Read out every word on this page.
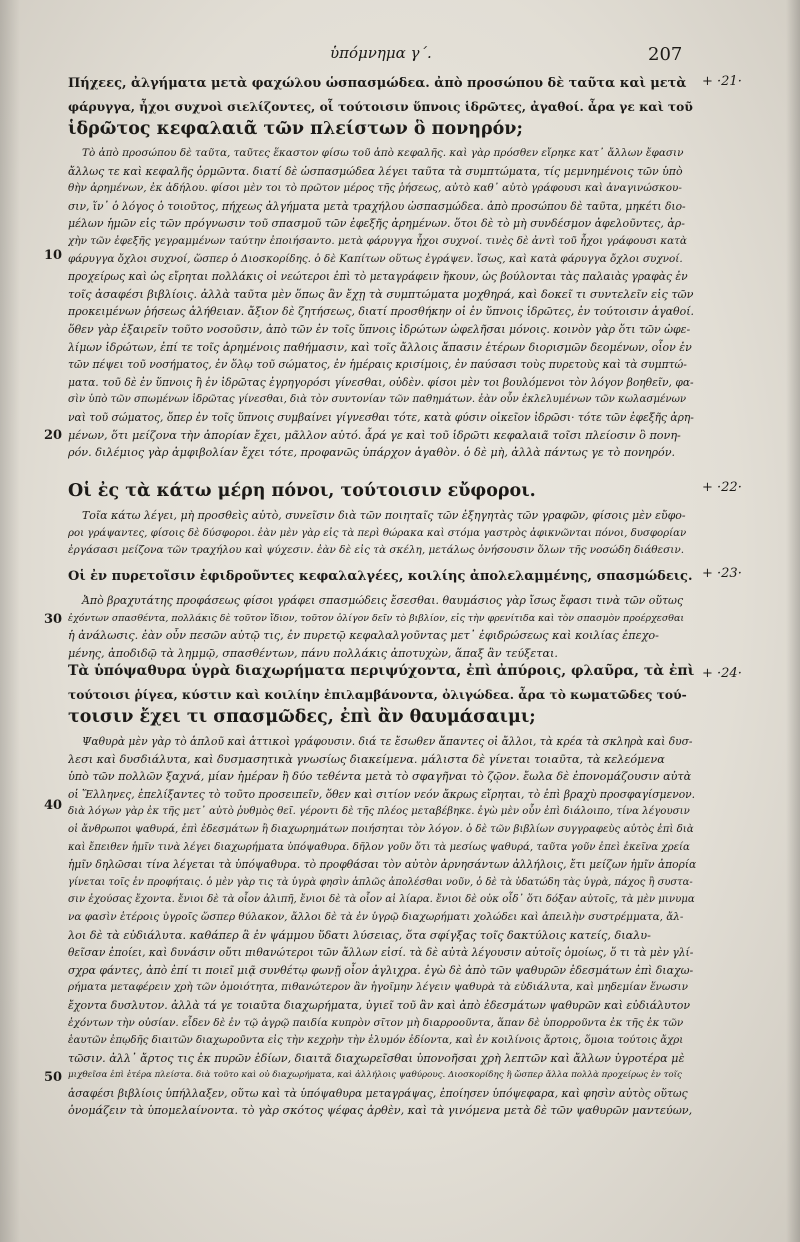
ὑπόμνημα γ΄.	207
+ ·21·
+ ·22·
+ ·23·
+ ·24·
10
20
30
40
50
Πήχεες, ἀλγήματα μετὰ φαχώλου ὡσπασμώδεα. ἀπὸ προσώπου δὲ ταῦτα καὶ μετὰ
φάρυγγα, ἦχοι συχνοὶ σιελίζοντες, οἷ τούτοισιν ὕπνοις ἱδρῶτες, ἀγαθοί. ἆρα γε καὶ τοῦ
ἱδρῶτος κεφαλαιᾶ τῶν πλείστων ὃ πονηρόν;
Τὸ ἀπὸ προσώπου δὲ ταῦτα, ταῦτες ἕκαστον φίσω τοῦ ἀπὸ κεφαλῆς. καὶ γὰρ πρόσθεν εἴρηκε κατ᾿ ἄλλων ἔφασιν
ἄλλως τε καὶ κεφαλῆς ὁρμῶντα. διατί δὲ ὡσπασμώδεα λέγει ταῦτα τὰ συμπτώματα, τίς μεμνημένοις τῶν ὑπὸ
θὴν ἀρημένων, ἐκ ἀδήλου. φίσοι μὲν τοι τὸ πρῶτον μέρος τῆς ῥήσεως, αὐτὸ καθ᾿ αὐτὸ γράφουσι καὶ ἀναγινώσκου-
σιν, ἵν᾿ ὁ λόγος ὁ τοιοῦτος, πήχεως ἀλγήματα μετὰ τραχήλου ὡσπασμώδεα. ἀπὸ προσώπου δὲ ταῦτα, μηκέτι διο-
μέλων ἡμῶν εἰς τῶν πρόγνωσιν τοῦ σπασμοῦ τῶν ἐφεξῆς ἀρημένων. ὅτοι δὲ τὸ μὴ συνδέσμον ἀφελοῦντες, ἀρ-
χὴν τῶν ἐφεξῆς γεγραμμένων ταύτην ἐποιήσαντο. μετὰ φάρυγγα ἦχοι συχνοί. τινὲς δὲ ἀντὶ τοῦ ἦχοι γράφουσι κατὰ
φάρυγγα ὄχλοι συχνοί, ὥσπερ ὁ Διοσκορίδης. ὁ δὲ Καπίτων οὕτως ἐγράψεν. ἴσως, καὶ κατὰ φάρυγγα ὄχλοι συχνοί.
προχείρως καὶ ὡς εἴρηται πολλάκις οἱ νεώτεροι ἐπὶ τὸ μεταγράφειν ἥκουν, ὡς βούλονται τὰς παλαιὰς γραφὰς ἐν
τοῖς ἀσαφέσι βιβλίοις. ἀλλὰ ταῦτα μὲν ὅπως ἂν ἔχῃ τὰ συμπτώματα μοχθηρά, καὶ δοκεῖ τι συντελεῖν εἰς τῶν
προκειμένων ῥήσεως ἀλήθειαν. ἄξιον δὲ ζητήσεως, διατί προσθήκην οἱ ἐν ὕπνοις ἱδρῶτες, ἐν τούτοισιν ἀγαθοί.
ὅθεν γὰρ ἐξαιρεῖν τοῦτο νοσοῦσιν, ἀπὸ τῶν ἐν τοῖς ὕπνοις ἱδρώτων ὠφελῆσαι μόνοις. κοινὸν γὰρ ὅτι τῶν ὠφε-
λίμων ἱδρώτων, ἐπί τε τοῖς ἀρημένοις παθήμασιν, καὶ τοῖς ἄλλοις ἅπασιν ἑτέρων διορισμῶν δεομένων, οἷον ἐν
τῶν πέψει τοῦ νοσήματος, ἐν ὅλῳ τοῦ σώματος, ἐν ἡμέραις κρισίμοις, ἐν παύσασι τοὺς πυρετοὺς καὶ τὰ συμπτώ-
ματα. τοῦ δὲ ἐν ὕπνοις ἢ ἐν ἱδρῶτας ἐγρηγορόσι γίνεσθαι, οὐδὲν. φίσοι μὲν τοι βουλόμενοι τὸν λόγον βοηθεῖν, φα-
σὶν ὑπὸ τῶν σπωμένων ἱδρῶτας γίνεσθαι, διὰ τὸν συντονίαν τῶν παθημάτων. ἐὰν οὖν ἐκλελυμένων τῶν κωλασμένων
ναὶ τοῦ σώματος, ὅπερ ἐν τοῖς ὕπνοις συμβαίνει γίγνεσθαι τότε, κατὰ φύσιν οἰκεῖον ἱδρῶσι· τότε τῶν ἐφεξῆς ἀρη-
μένων, ὅτι μείζονα τὴν ἀπορίαν ἔχει, μᾶλλον αὐτό. ἆρά γε καὶ τοῦ ἱδρῶτι κεφαλαιᾶ τοῖσι πλείοσιν ὃ πονη-
ρόν. διλέμιος γὰρ ἀμφιβολίαν ἔχει τότε, προφανῶς ὑπάρχον ἀγαθὸν. ὁ δὲ μὴ, ἀλλὰ πάντως γε τὸ πονηρόν.
Οἱ ἐς τὰ κάτω μέρη πόνοι, τούτοισιν εὔφοροι.
Τοῖα κάτω λέγει, μὴ προσθεὶς αὐτὸ, συνεῖσιν διὰ τῶν ποιηταῖς τῶν ἐξηγητὰς τῶν γραφῶν, φίσοις μὲν εὔφο-
ροι γράψαντες, φίσοις δὲ δύσφοροι. ἐὰν μὲν γὰρ εἰς τὰ περὶ θώρακα καὶ στόμα γαστρὸς ἀφικνῶνται πόνοι, δυσφορίαν
ἐργάσασι μείζονα τῶν τραχήλου καὶ ψύχεσιν. ἐὰν δὲ εἰς τὰ σκέλη, μετάλως ὀνήσουσιν ὅλων τῆς νοσώδη διάθεσιν.
Οἱ ἐν πυρετοῖσιν ἐφιδροῦντες κεφαλαλγέες, κοιλίης ἀπολελαμμένης, σπασμώδεις.
Ἀπὸ βραχυτάτης προφάσεως φίσοι γράφει σπασμώδεις ἔσεσθαι. θαυμάσιος γὰρ ἴσως ἔφασι τινὰ τῶν οὕτως
ἐχόντων σπασθέντα, πολλάκις δὲ τοῦτον ἴδιον, τοῦτον ὀλίγον δεῖν τὸ βιβλίον, εἰς τὴν φρενίτιδα καὶ τὸν σπασμὸν προέρχεσθαι
ἡ ἀνάλωσις. ἐὰν οὖν πεσῶν αὐτῷ τις, ἐν πυρετῷ κεφαλαλγοῦντας μετ᾿ ἐφιδρώσεως καὶ κοιλίας ἐπεχο-
μένης, ἀποδιδῷ τὰ λημμῷ, σπασθέντων, πάνυ πολλάκις ἀποτυχὼν, ἅπαξ ἂν τεύξεται.
Τὰ ὑπόψαθυρα ὑγρὰ διαχωρήματα περιψύχοντα, ἐπὶ ἀπύροις, φλαῦρα, τὰ ἐπὶ
τούτοισι ῥίγεα, κύστιν καὶ κοιλίην ἐπιλαμβάνοντα, ὀλιγώδεα. ἆρα τὸ κωματῶδες τού-
τοισιν ἔχει τι σπασμῶδες, ἐπὶ ἂν θαυμάσαιμι;
Ψαθυρὰ μὲν γὰρ τὸ ἁπλοῦ καὶ ἀττικοὶ γράφουσιν. διά τε ἔσωθεν ἅπαντες οἱ ἄλλοι, τὰ κρέα τὰ σκληρὰ καὶ δυσ-
λεσι καὶ δυσδιάλυτα, καὶ δυσμασητικὰ γνωσίως διακείμενα. μάλιστα δὲ γίνεται τοιαῦτα, τὰ κελεόμενα
ὑπὸ τῶν πολλῶν ξαχνά, μίαν ἡμέραν ἢ δύο τεθέντα μετὰ τὸ σφαγῆναι τὸ ζῷον. ἔωλα δὲ ἐπονομάζουσιν αὐτὰ
οἱ Ἕλληνες, ἐπελίξαντες τὸ τοῦτο προσειπεῖν, ὅθεν καὶ σιτίον νεόν ἄκρως εἴρηται, τὸ ἐπὶ βραχὺ προσφαγίσμενον.
διὰ λόγων γὰρ ἐκ τῆς μετ᾿ αὐτὸ ῥυθμὸς θεῖ. γέροντι δὲ τῆς πλέος μεταβέβηκε. ἐγὼ μὲν οὖν ἐπὶ διάλοιπο, τίνα λέγουσιν
οἱ ἄνθρωποι ψαθυρά, ἐπὶ ἐδεσμάτων ἢ διαχωρημάτων ποιήσηται τὸν λόγον. ὁ δὲ τῶν βιβλίων συγγραφεὺς αὐτὸς ἐπὶ διὰ
καὶ ἔπειθεν ἡμῖν τινὰ λέγει διαχωρήματα ὑπόψαθυρα. δῆλον γοῦν ὅτι τὰ μεσίως ψαθυρά, ταῦτα γοῦν ἐπεὶ ἐκεῖνα χρεία
ἡμῖν δηλῶσαι τίνα λέγεται τὰ ὑπόψαθυρα. τὸ προφθάσαι τὸν αὐτὸν ἀρνησάντων ἀλλήλοις, ἔτι μείζων ἡμῖν ἀπορία
γίνεται τοῖς ἐν προφήταις. ὁ μὲν γὰρ τις τὰ ὑγρὰ φησὶν ἁπλῶς ἀπολέσθαι νοῦν, ὁ δὲ τὰ ὑδατώδη τὰς ὑγρὰ, πάχος ἢ συστα-
σιν ἐχούσας ἔχοντα. ἔνιοι δὲ τὰ οἷον ἀλιπῆ, ἔνιοι δὲ τὰ οἷον αἱ λίαρα. ἔνιοι δὲ οὐκ οἶδ᾿ ὅτι δόξαν αὐτοῖς, τὰ μὲν μινυμα
να φασὶν ἑτέροις ὑγροῖς ὥσπερ θύλακον, ἄλλοι δὲ τὰ ἐν ὑγρῷ διαχωρήματι χολώδει καὶ ἀπειλὴν συστρέμματα, ἄλ-
λοι δὲ τὰ εὐδιάλυτα. καθάπερ ἃ ἐν ψάμμου ὕδατι λύσειας, ὅτα σφίγξας τοῖς δακτύλοις κατείς, διαλυ-
θεῖσαν ἐποίει, καὶ δυνάσιν οὔτι πιθανώτεροι τῶν ἄλλων εἰσί. τὰ δὲ αὐτὰ λέγουσιν αὐτοῖς ὁμοίως, ὅ τι τὰ μὲν γλί-
σχρα φάντες, ἀπὸ ἐπί τι ποιεῖ μιᾷ συνθέτῳ φωνῇ οἷον ἀγλιχρα. ἐγὼ δὲ ἀπὸ τῶν ψαθυρῶν ἐδεσμάτων ἐπὶ διαχω-
ρήματα μεταφέρειν χρὴ τῶν ὁμοιότητα, πιθανώτερον ἂν ἡγοῖμην λέγειν ψαθυρὰ τὰ εὐδιάλυτα, καὶ μηδεμίαν ἕνωσιν
ἔχοντα δυσλυτον. ἀλλὰ τά γε τοιαῦτα διαχωρήματα, ὑγιεῖ τοῦ ἂν καὶ ἀπὸ ἐδεσμάτων ψαθυρῶν καὶ εὐδιάλυτον
ἐχόντων τὴν οὐσίαν. εἶδεν δὲ ἐν τῷ ἀγρῷ παιδία κυπρὸν σῖτον μὴ διαρροοῦντα, ἅπαν δὲ ὑπορροῦντα ἐκ τῆς ἐκ τῶν
ἑαυτῶν ἐπῳδῆς διαιτῶν διαχωροῦντα εἰς τὴν κεχρὴν τὴν ἑλυμόν ἐδίοντα, καὶ ἐν κοιλίνοις ἄρτοις, ὅμοια τούτοις ἄχρι
τῶσιν. ἀλλ᾿ ἄρτος τις ἐκ πυρῶν ἐδίων, διαιτᾶ διαχωρεῖσθαι ὑπονοῆσαι χρὴ λεπτῶν καὶ ἄλλων ὑγροτέρα μὲ
μιχθεῖσα ἐπὶ ἑτέρα πλείστα. διὰ τοῦτο καὶ οὐ διαχωρήματα, καὶ ἀλλήλοις ψαθύρους. Διοσκορίδης ἢ ὥσπερ ἄλλα πολλὰ προχείρως ἐν τοῖς
ἀσαφέσι βιβλίοις ὑπήλλαξεν, οὕτω καὶ τὰ ὑπόψαθυρα μεταγράψας, ἐποίησεν ὑπόψεφαρα, καὶ φησὶν αὐτὸς οὕτως
ὀνομάζειν τὰ ὑπομελαίνοντα. τὸ γὰρ σκότος ψέφας ἀρθὲν, καὶ τὰ γινόμενα μετὰ δὲ τῶν ψαθυρῶν μαντεύων,
